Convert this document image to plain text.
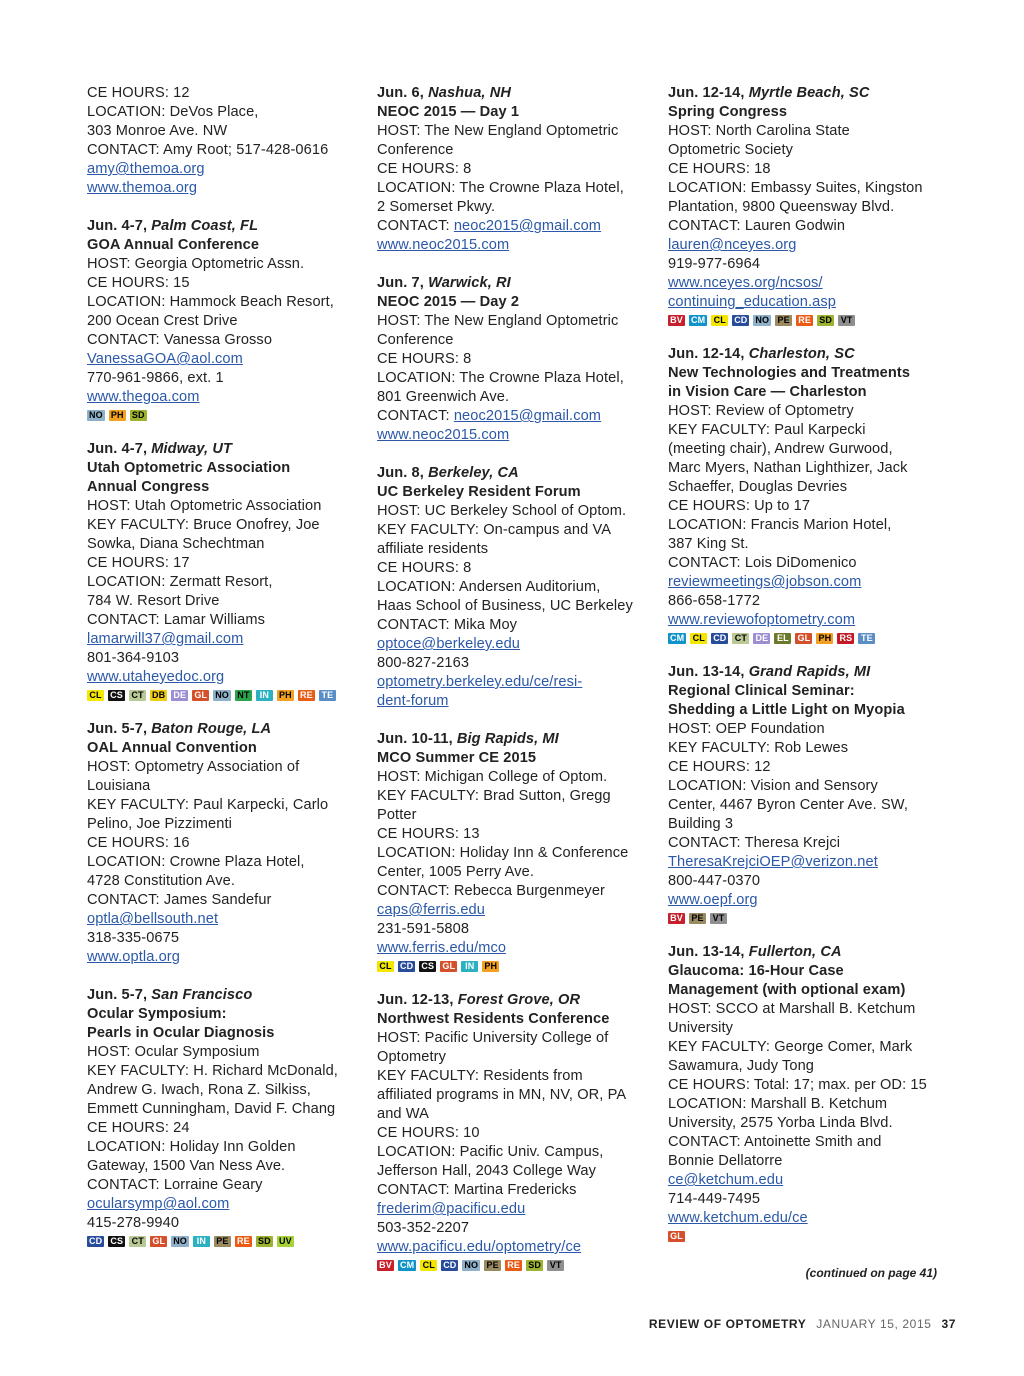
CE HOURS: 12
LOCATION: DeVos Place,
303 Monroe Ave. NW
CONTACT: Amy Root; 517-428-0616
amy@themoa.org
www.themoa.org
Jun. 4-7, Palm Coast, FL
GOA Annual Conference
HOST: Georgia Optometric Assn.
CE HOURS: 15
LOCATION: Hammock Beach Resort,
200 Ocean Crest Drive
CONTACT: Vanessa Grosso
VanessaGOA@aol.com
770-961-9866, ext. 1
www.thegoa.com
NO PH SD
Jun. 4-7, Midway, UT
Utah Optometric Association
Annual Congress
HOST: Utah Optometric Association
KEY FACULTY: Bruce Onofrey, Joe
Sowka, Diana Schechtman
CE HOURS: 17
LOCATION: Zermatt Resort,
784 W. Resort Drive
CONTACT: Lamar Williams
lamarwill37@gmail.com
801-364-9103
www.utaheyedoc.org
CL CS CT DB DE GL NO NT	IN	PH RE TE
Jun. 5-7, Baton Rouge, LA
OAL Annual Convention
HOST: Optometry Association of
Louisiana
KEY FACULTY: Paul Karpecki, Carlo
Pelino, Joe Pizzimenti
CE HOURS: 16
LOCATION: Crowne Plaza Hotel,
4728 Constitution Ave.
CONTACT: James Sandefur
optla@bellsouth.net
318-335-0675
www.optla.org
Jun. 5-7, San Francisco
Ocular Symposium:
Pearls in Ocular Diagnosis
HOST: Ocular Symposium
KEY FACULTY: H. Richard McDonald,
Andrew G. Iwach, Rona Z. Silkiss,
Emmett Cunningham, David F. Chang
CE HOURS: 24
LOCATION: Holiday Inn Golden
Gateway, 1500 Van Ness Ave.
CONTACT: Lorraine Geary
ocularsymp@aol.com
415-278-9940
CD CS CT GL NO	IN	PE RE SD UV
Jun. 6, Nashua, NH
NEOC 2015 — Day 1
HOST: The New England Optometric
Conference
CE HOURS: 8
LOCATION: The Crowne Plaza Hotel,
2 Somerset Pkwy.
CONTACT: neoc2015@gmail.com
www.neoc2015.com
Jun. 7, Warwick, RI
NEOC 2015 — Day 2
HOST: The New England Optometric
Conference
CE HOURS: 8
LOCATION: The Crowne Plaza Hotel,
801 Greenwich Ave.
CONTACT: neoc2015@gmail.com
www.neoc2015.com
Jun. 8, Berkeley, CA
UC Berkeley Resident Forum
HOST: UC Berkeley School of Optom.
KEY FACULTY: On-campus and VA
affiliate residents
CE HOURS: 8
LOCATION: Andersen Auditorium,
Haas School of Business, UC Berkeley
CONTACT: Mika Moy
optoce@berkeley.edu
800-827-2163
optometry.berkeley.edu/ce/resi-
dent-forum
Jun. 10-11, Big Rapids, MI
MCO Summer CE 2015
HOST: Michigan College of Optom.
KEY FACULTY: Brad Sutton, Gregg
Potter
CE HOURS: 13
LOCATION: Holiday Inn & Conference
Center, 1005 Perry Ave.
CONTACT: Rebecca Burgenmeyer
caps@ferris.edu
231-591-5808
www.ferris.edu/mco
CL CD CS GL	IN	PH
Jun. 12-13, Forest Grove, OR
Northwest Residents Conference
HOST: Pacific University College of
Optometry
KEY FACULTY: Residents from
affiliated programs in MN, NV, OR, PA
and WA
CE HOURS: 10
LOCATION: Pacific Univ. Campus,
Jefferson Hall, 2043 College Way
CONTACT: Martina Fredericks
frederim@pacificu.edu
503-352-2207
www.pacificu.edu/optometry/ce
BV CM CL CD NO PE RE SD VT
Jun. 12-14, Myrtle Beach, SC
Spring Congress
HOST: North Carolina State
Optometric Society
CE HOURS: 18
LOCATION: Embassy Suites, Kingston
Plantation, 9800 Queensway Blvd.
CONTACT: Lauren Godwin
lauren@nceyes.org
919-977-6964
www.nceyes.org/ncsos/
continuing_education.asp
BV CM CL CD NO PE RE SD VT
Jun. 12-14, Charleston, SC
New Technologies and Treatments
in Vision Care — Charleston
HOST: Review of Optometry
KEY FACULTY: Paul Karpecki
(meeting chair), Andrew Gurwood,
Marc Myers, Nathan Lighthizer, Jack
Schaeffer, Douglas Devries
CE HOURS: Up to 17
LOCATION: Francis Marion Hotel,
387 King St.
CONTACT: Lois DiDomenico
reviewmeetings@jobson.com
866-658-1772
www.reviewofoptometry.com
CM CL CD CT DE EL GL PH RS TE
Jun. 13-14, Grand Rapids, MI
Regional Clinical Seminar:
Shedding a Little Light on Myopia
HOST: OEP Foundation
KEY FACULTY: Rob Lewes
CE HOURS: 12
LOCATION: Vision and Sensory
Center, 4467 Byron Center Ave. SW,
Building 3
CONTACT: Theresa Krejci
TheresaKrejciOEP@verizon.net
800-447-0370
www.oepf.org
BV PE VT
Jun. 13-14, Fullerton, CA
Glaucoma: 16-Hour Case
Management (with optional exam)
HOST: SCCO at Marshall B. Ketchum
University
KEY FACULTY: George Comer, Mark
Sawamura, Judy Tong
CE HOURS: Total: 17; max. per OD: 15
LOCATION: Marshall B. Ketchum
University, 2575 Yorba Linda Blvd.
CONTACT: Antoinette Smith and
Bonnie Dellatorre
ce@ketchum.edu
714-449-7495
www.ketchum.edu/ce
GL
(continued on page 41)
REVIEW OF OPTOMETRY JANUARY 15, 2015 37
